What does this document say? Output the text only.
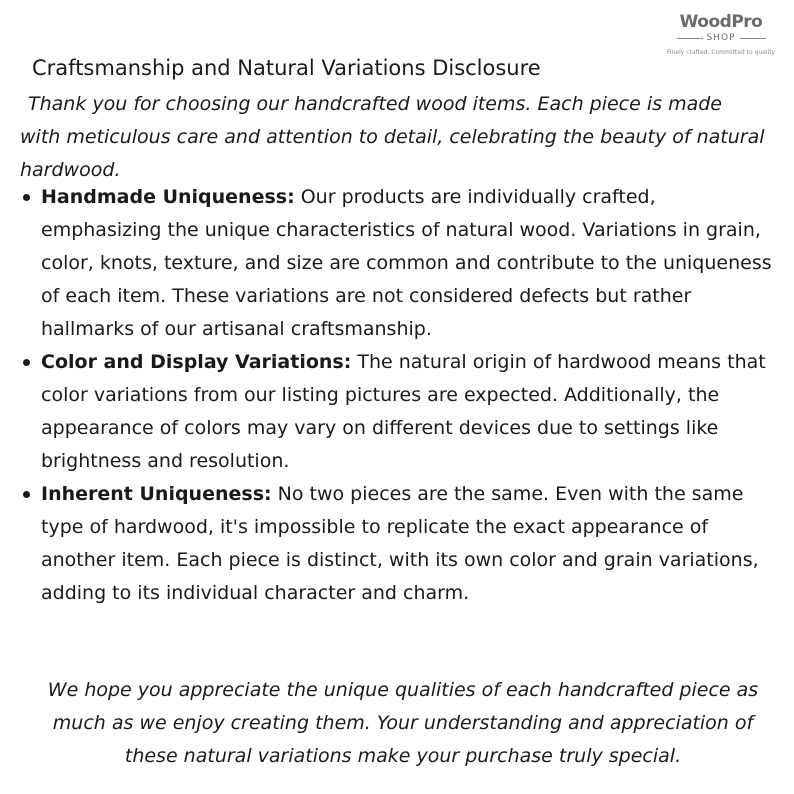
WoodPro
SHOP
Finely crafted. Committed to quality
Craftsmanship and Natural Variations Disclosure

Thank you for choosing our handcrafted wood items. Each piece is made with meticulous care and attention to detail, celebrating the beauty of natural hardwood.

Handmade Uniqueness: Our products are individually crafted, emphasizing the unique characteristics of natural wood. Variations in grain, color, knots, texture, and size are common and contribute to the uniqueness of each item. These variations are not considered defects but rather hallmarks of our artisanal craftsmanship.
Color and Display Variations: The natural origin of hardwood means that color variations from our listing pictures are expected. Additionally, the appearance of colors may vary on different devices due to settings like brightness and resolution.
Inherent Uniqueness: No two pieces are the same. Even with the same type of hardwood, it's impossible to replicate the exact appearance of another item. Each piece is distinct, with its own color and grain variations, adding to its individual character and charm.

We hope you appreciate the unique qualities of each handcrafted piece as much as we enjoy creating them. Your understanding and appreciation of these natural variations make your purchase truly special.
